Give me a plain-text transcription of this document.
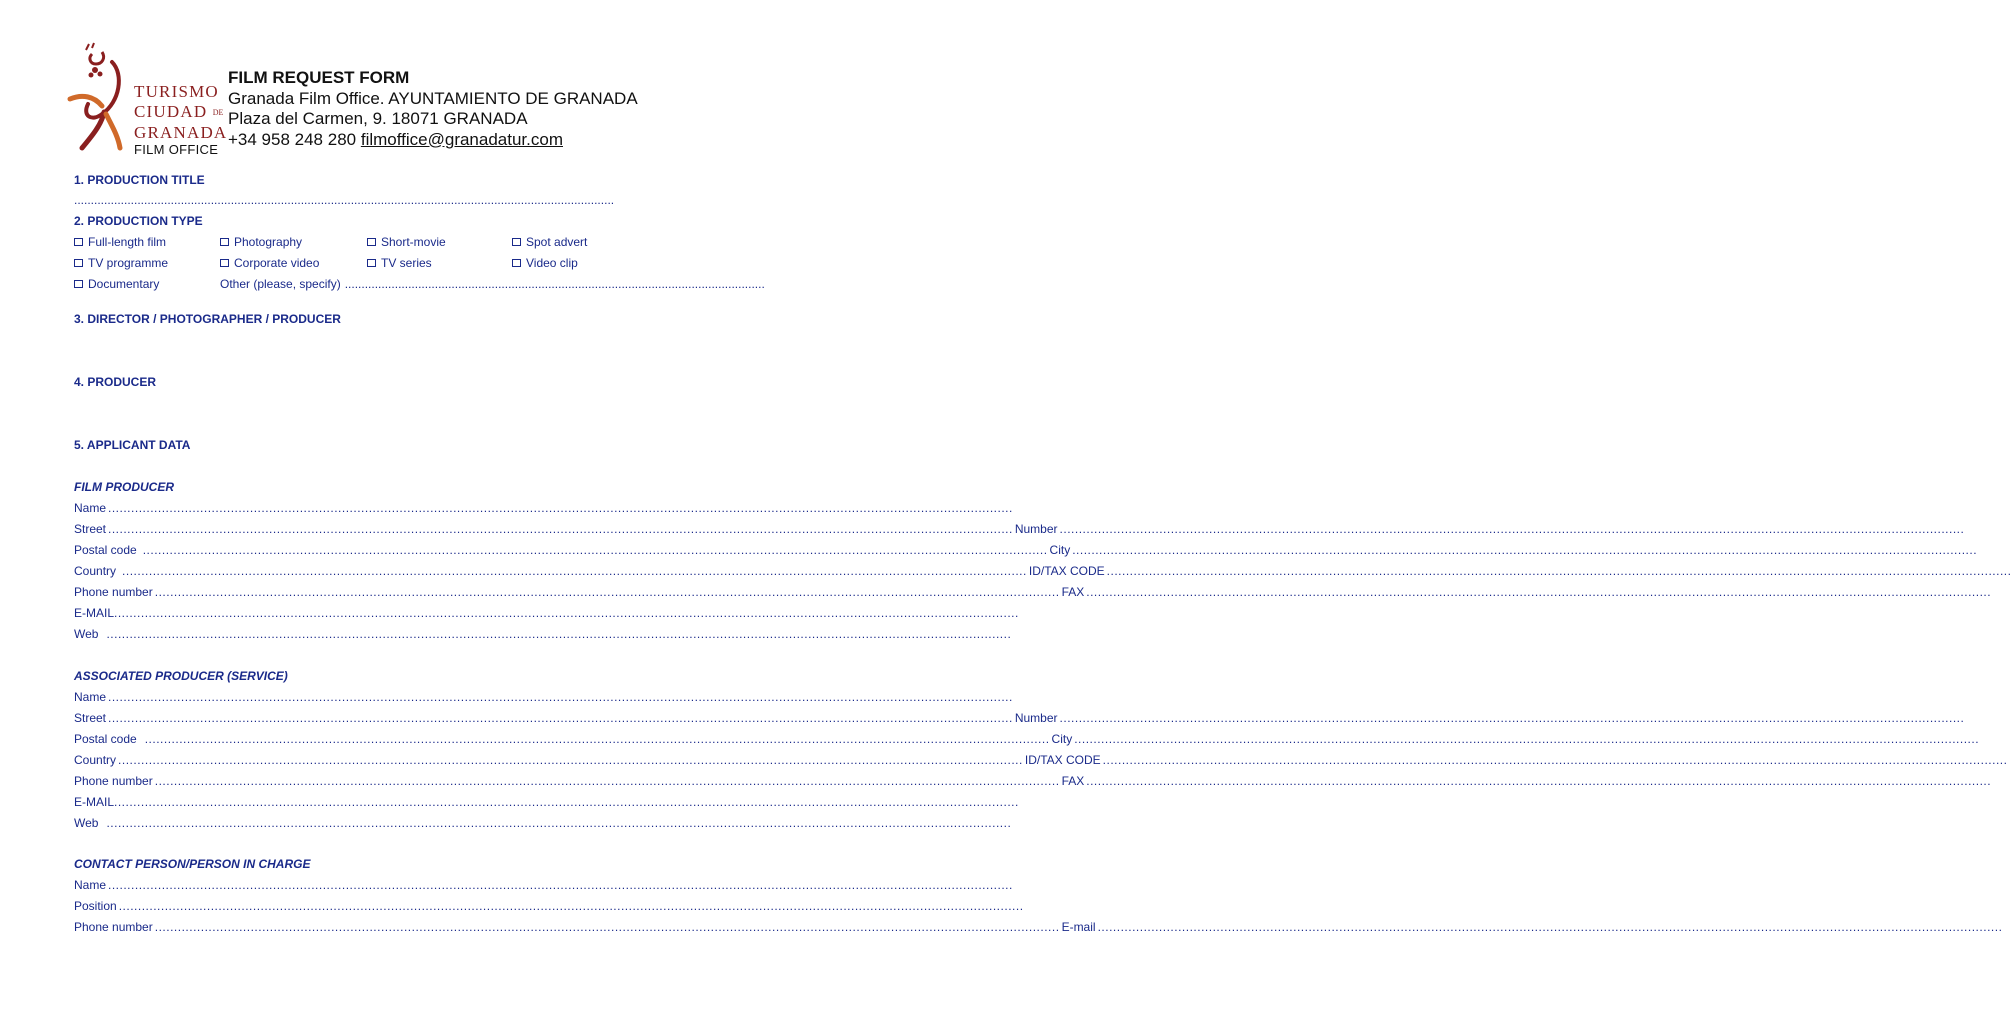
TURISMO
CIUDAD DE
GRANADA
FILM OFFICE
FILM REQUEST FORM
Granada Film Office. AYUNTAMIENTO DE GRANADA
Plaza del Carmen, 9. 18071 GRANADA
+34 958 248 280 filmoffice@granadatur.com
1. PRODUCTION TITLE
..................................................................................................................................................................
2. PRODUCTION TYPE
Full-length film	Photography	Short-movie	Spot advert
TV programme	Corporate video	TV series	Video clip
Documentary	Other (please, specify) ..............................................................................................................................
3. DIRECTOR / PHOTOGRAPHER / PRODUCER
4. PRODUCER
5. APPLICANT DATA
FILM PRODUCER
Name
.....
Street .....	Number
.....
Postal code .....	City
.....
Country .....	ID/TAX CODE
.....
Phone number .....	FAX
.....
E-MAIL
.....
Web
.....
ASSOCIATED PRODUCER (SERVICE)
Name
.....
Street .....	Number
.....
Postal code .....	City
.....
Country .....	ID/TAX CODE
.....
Phone number .....	FAX
.....
E-MAIL
.....
Web
.....
CONTACT PERSON/PERSON IN CHARGE
Name
.....
Position
.....
Phone number .....	E-mail
.....
